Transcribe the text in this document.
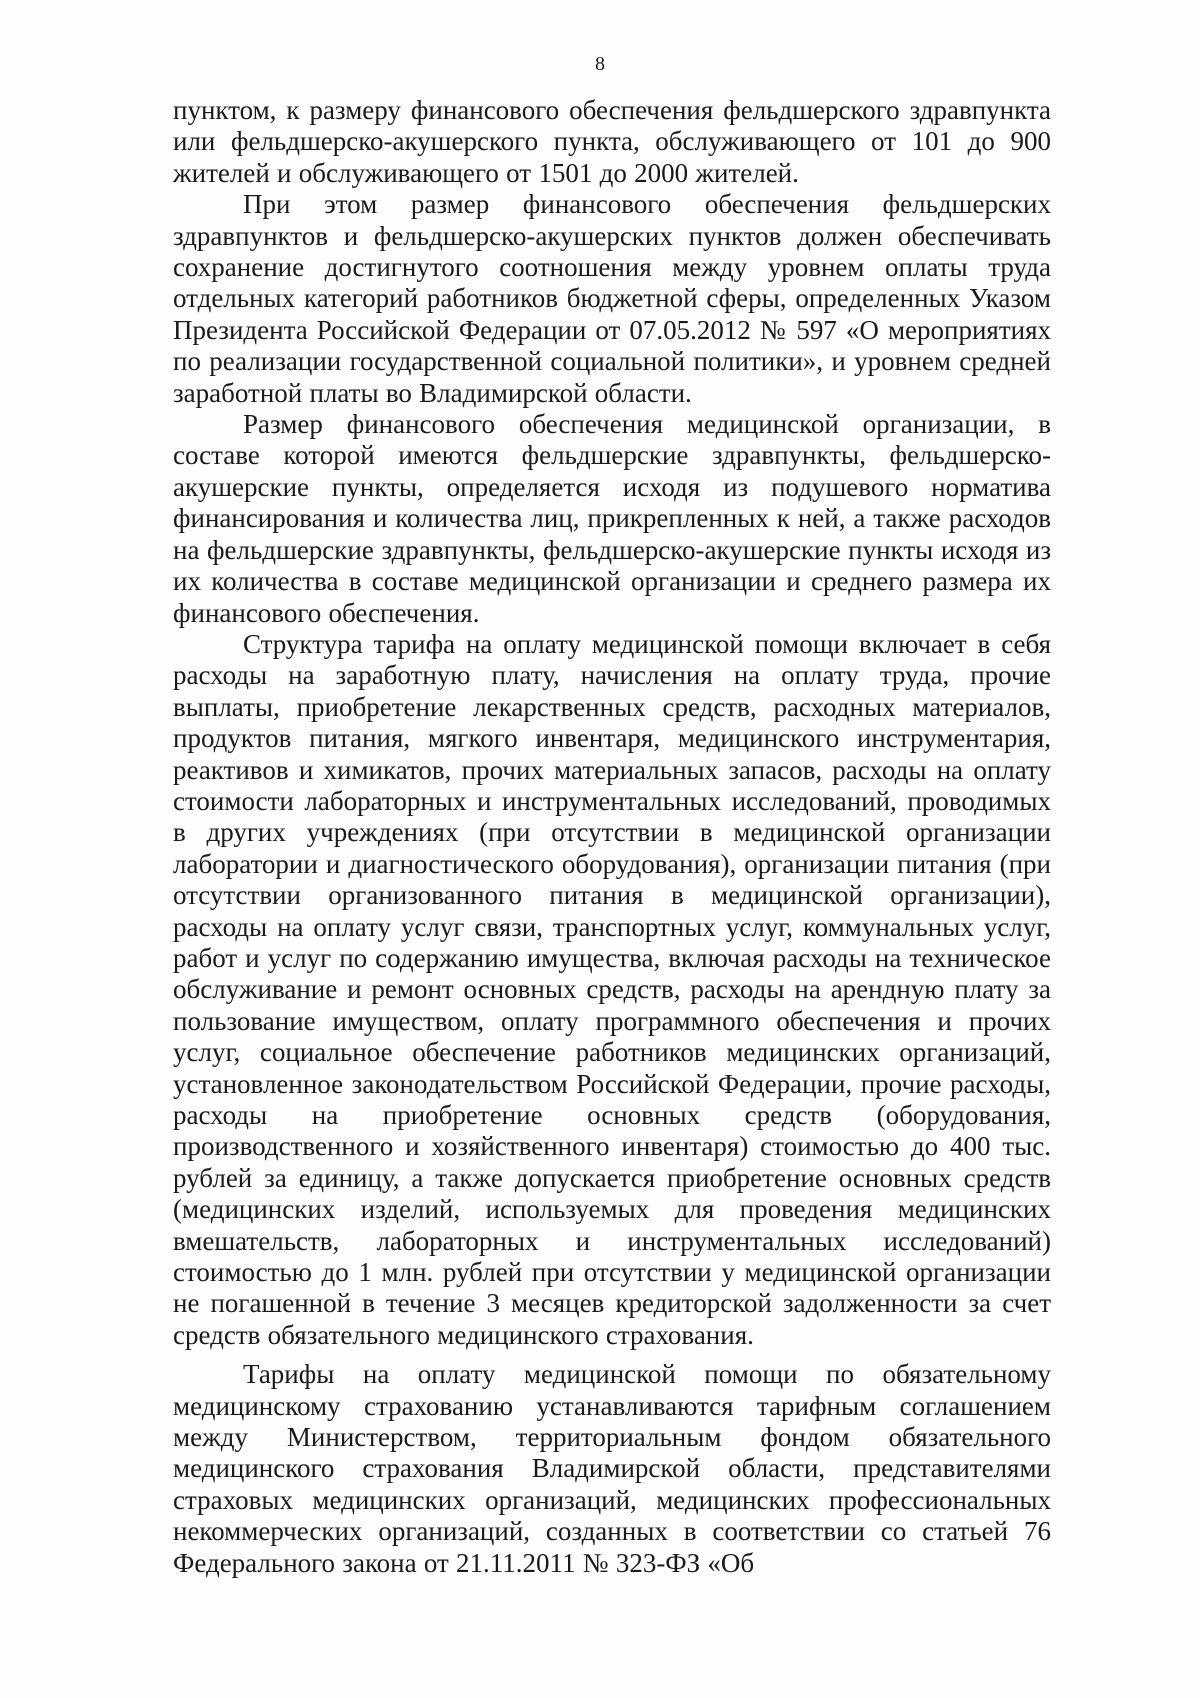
8

пунктом, к размеру финансового обеспечения фельдшерского здравпункта или фельдшерско-акушерского пункта, обслуживающего от 101 до 900 жителей и обслуживающего от 1501 до 2000 жителей.

При этом размер финансового обеспечения фельдшерских здравпунктов и фельдшерско-акушерских пунктов должен обеспечивать сохранение достигнутого соотношения между уровнем оплаты труда отдельных категорий работников бюджетной сферы, определенных Указом Президента Российской Федерации от 07.05.2012 № 597 «О мероприятиях по реализации государственной социальной политики», и уровнем средней заработной платы во Владимирской области.

Размер финансового обеспечения медицинской организации, в составе которой имеются фельдшерские здравпункты, фельдшерско-акушерские пункты, определяется исходя из подушевого норматива финансирования и количества лиц, прикрепленных к ней, а также расходов на фельдшерские здравпункты, фельдшерско-акушерские пункты исходя из их количества в составе медицинской организации и среднего размера их финансового обеспечения.

Структура тарифа на оплату медицинской помощи включает в себя расходы на заработную плату, начисления на оплату труда, прочие выплаты, приобретение лекарственных средств, расходных материалов, продуктов питания, мягкого инвентаря, медицинского инструментария, реактивов и химикатов, прочих материальных запасов, расходы на оплату стоимости лабораторных и инструментальных исследований, проводимых в других учреждениях (при отсутствии в медицинской организации лаборатории и диагностического оборудования), организации питания (при отсутствии организованного питания в медицинской организации), расходы на оплату услуг связи, транспортных услуг, коммунальных услуг, работ и услуг по содержанию имущества, включая расходы на техническое обслуживание и ремонт основных средств, расходы на арендную плату за пользование имуществом, оплату программного обеспечения и прочих услуг, социальное обеспечение работников медицинских организаций, установленное законодательством Российской Федерации, прочие расходы, расходы на приобретение основных средств (оборудования, производственного и хозяйственного инвентаря) стоимостью до 400 тыс. рублей за единицу, а также допускается приобретение основных средств (медицинских изделий, используемых для проведения медицинских вмешательств, лабораторных и инструментальных исследований) стоимостью до 1 млн. рублей при отсутствии у медицинской организации не погашенной в течение 3 месяцев кредиторской задолженности за счет средств обязательного медицинского страхования.

Тарифы на оплату медицинской помощи по обязательному медицинскому страхованию устанавливаются тарифным соглашением между Министерством, территориальным фондом обязательного медицинского страхования Владимирской области, представителями страховых медицинских организаций, медицинских профессиональных некоммерческих организаций, созданных в соответствии со статьей 76 Федерального закона от 21.11.2011 № 323-ФЗ «Об
